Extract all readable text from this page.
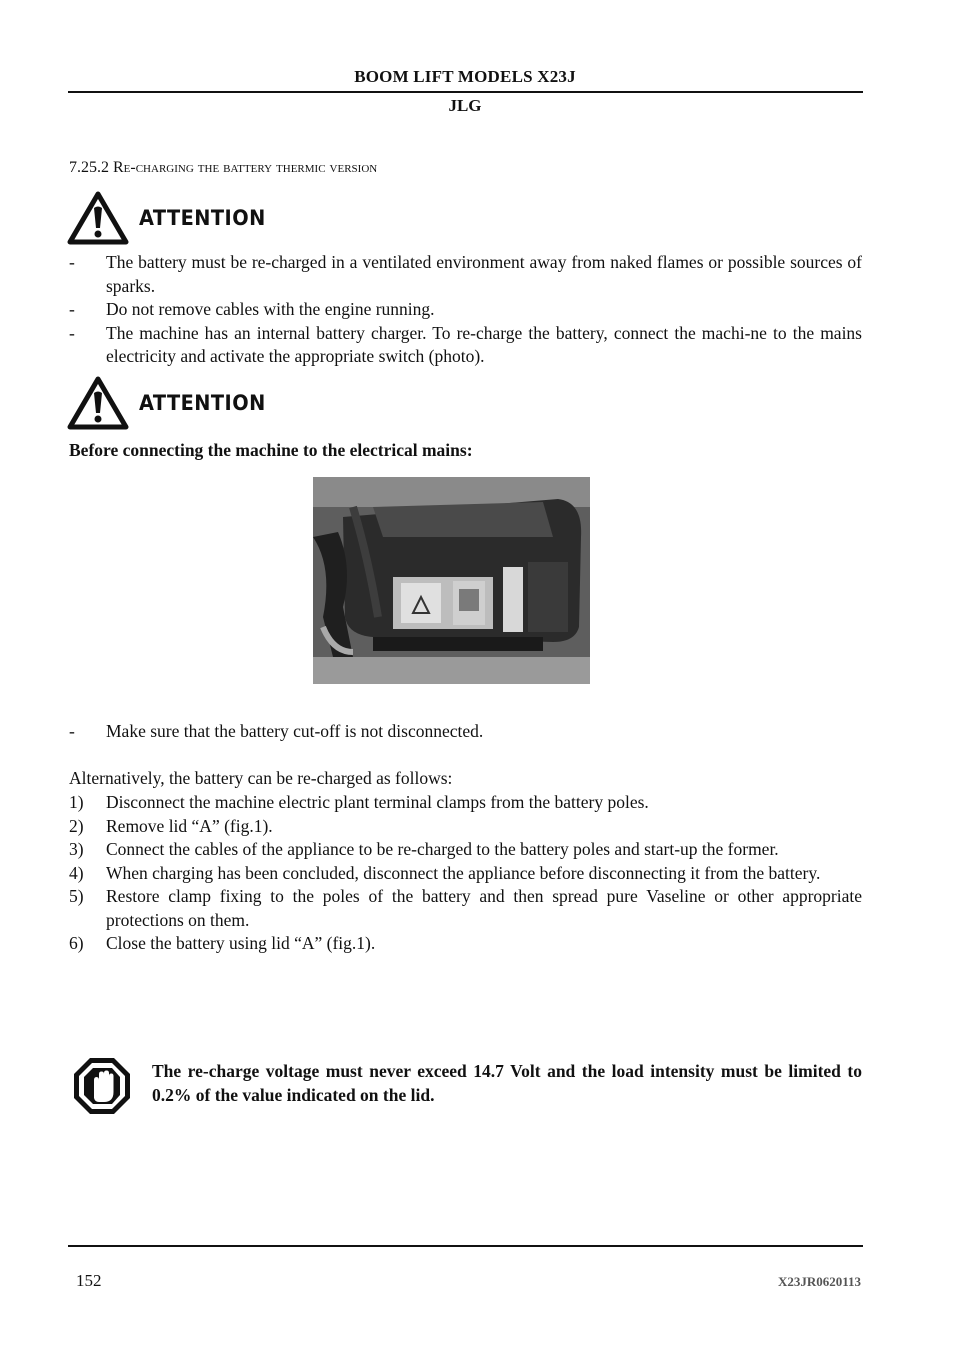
BOOM LIFT MODELS X23J
JLG
7.25.2 Re-charging the battery thermic version
ATTENTION
- The battery must be re-charged in a ventilated environment away from naked flames or possible sources of sparks.
- Do not remove cables with the engine running.
- The machine has an internal battery charger. To re-charge the battery, connect the machi-ne to the mains electricity and activate the appropriate switch (photo).
ATTENTION
Before connecting the machine to the electrical mains:
- Make sure that the battery cut-off is not disconnected.
Alternatively, the battery can be re-charged as follows:
1) Disconnect the machine electric plant terminal clamps from the battery poles.
2) Remove lid “A” (fig.1).
3) Connect the cables of the appliance to be re-charged to the battery poles and start-up the former.
4) When charging has been concluded, disconnect the appliance before disconnecting it from the battery.
5) Restore clamp fixing to the poles of the battery and then spread pure Vaseline or other appropriate protections on them.
6) Close the battery using lid “A” (fig.1).
The re-charge voltage must never exceed 14.7 Volt and the load intensity must be limited to 0.2% of the value indicated on the lid.
152	X23JR0620113
